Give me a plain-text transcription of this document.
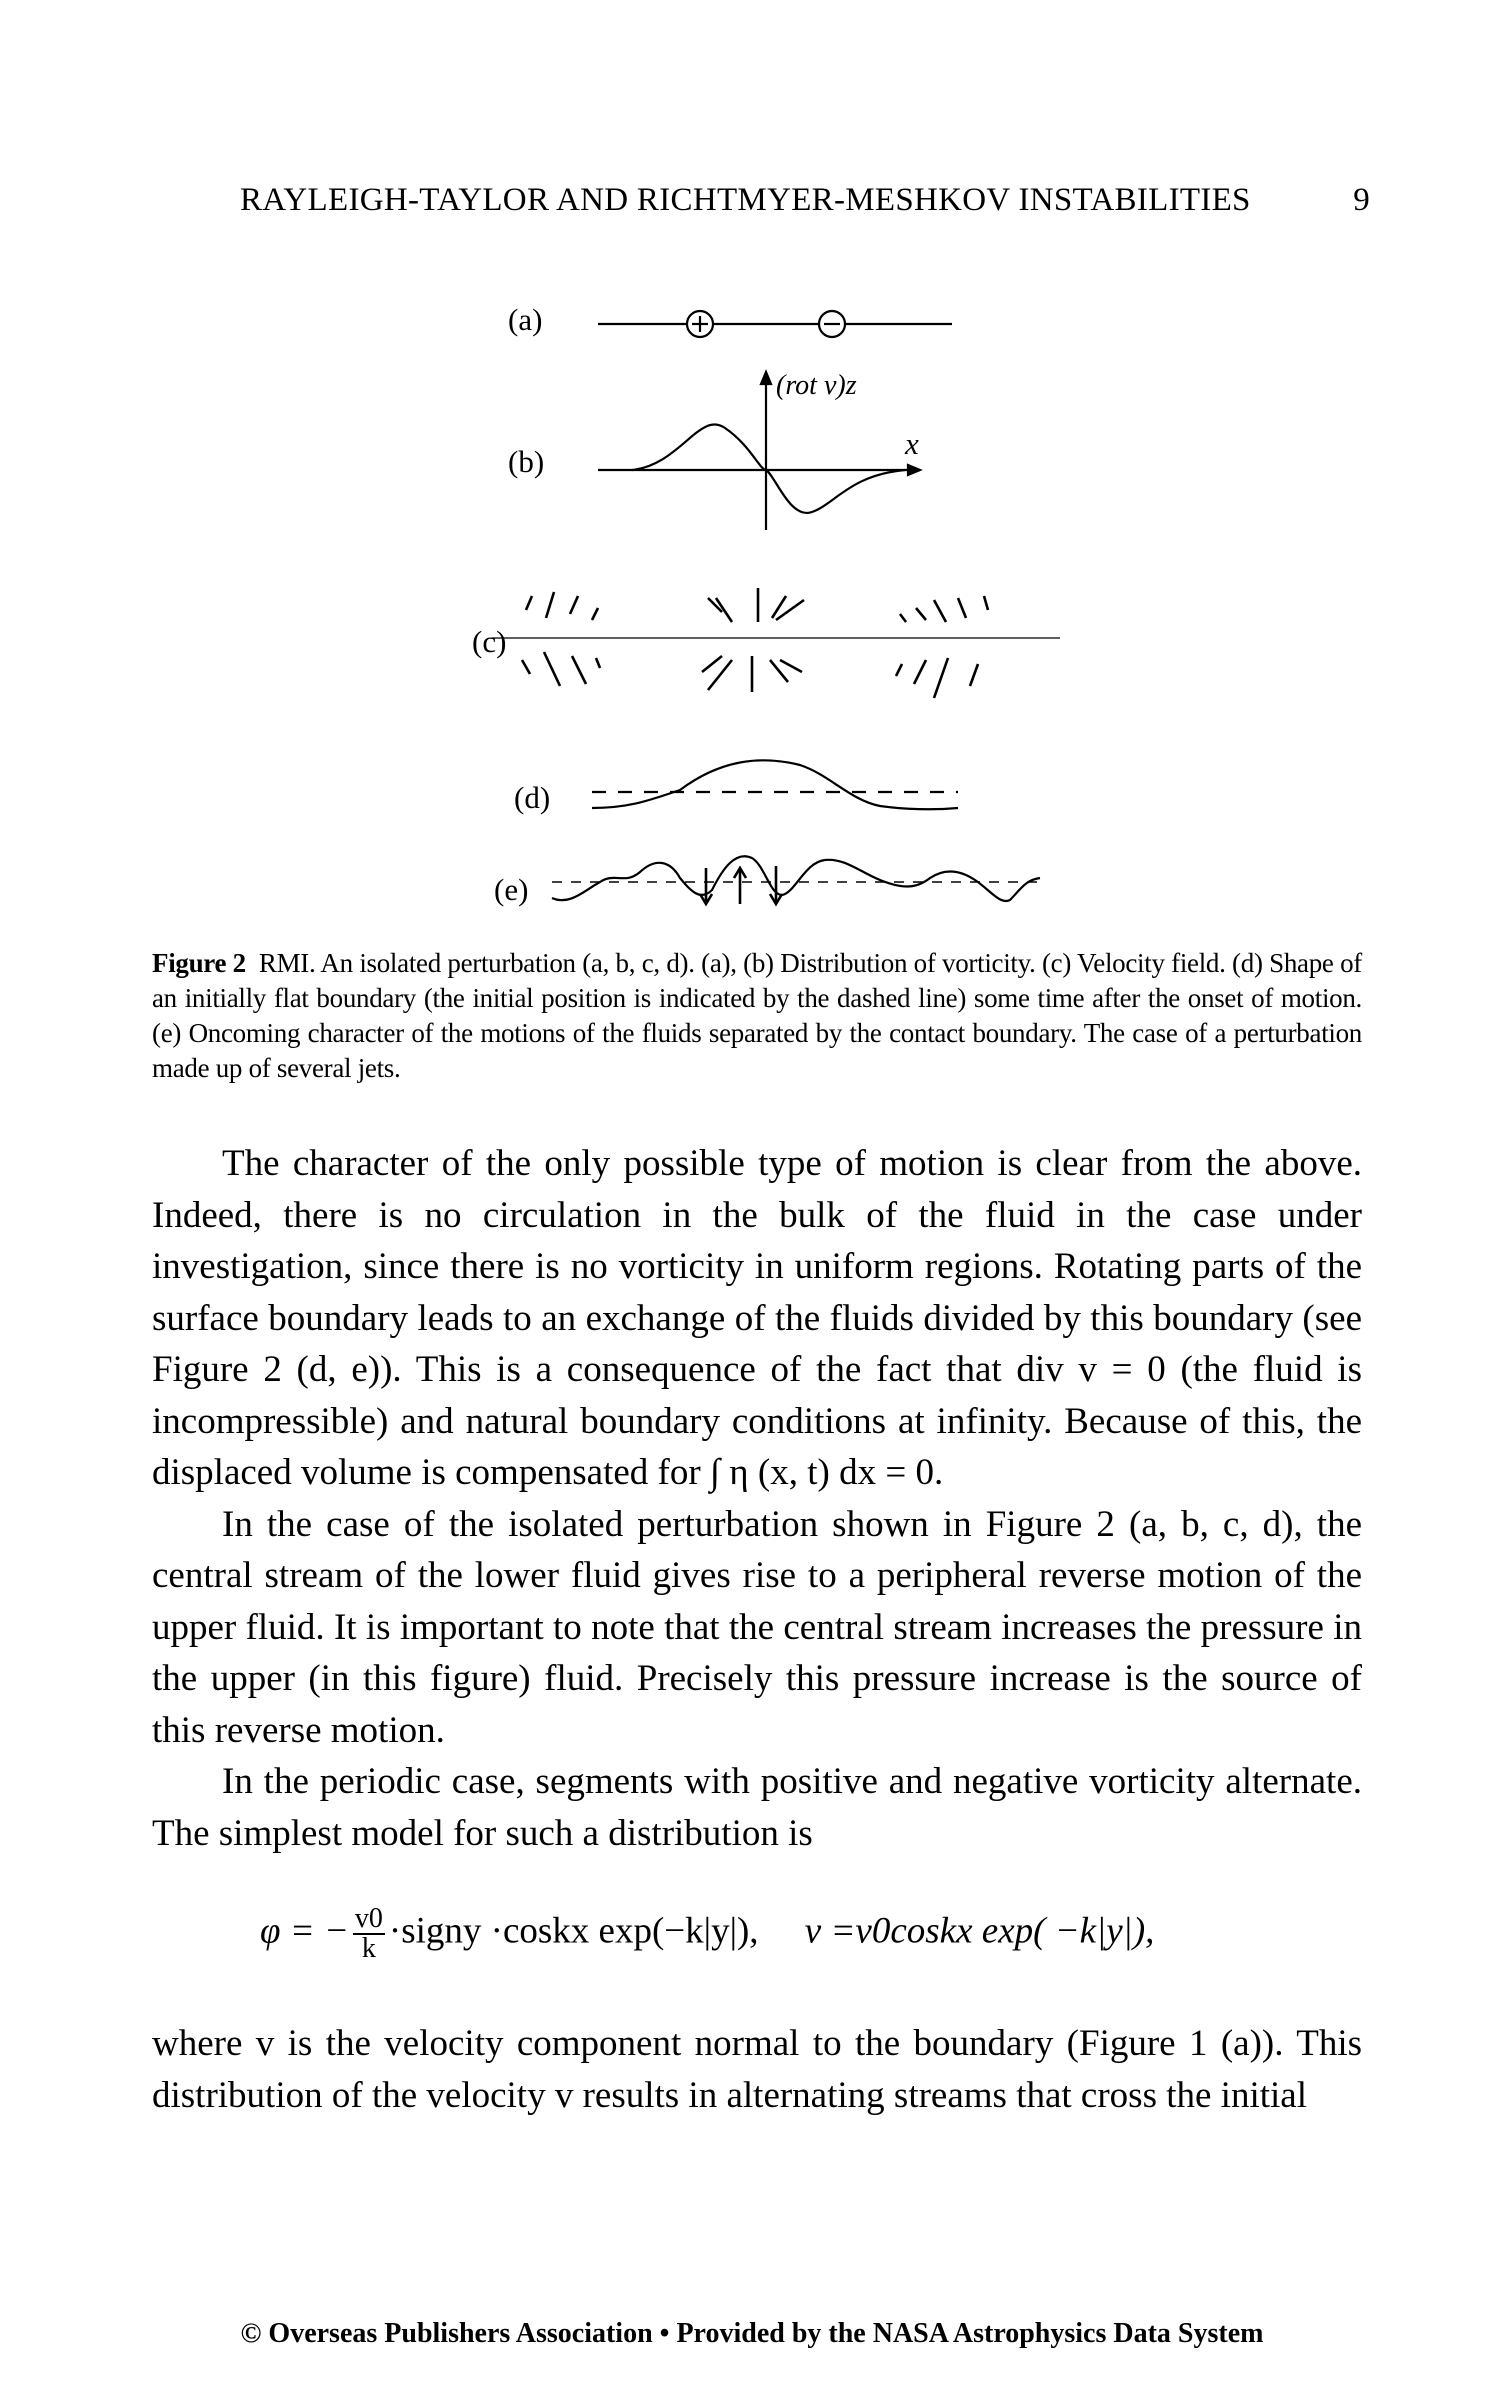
RAYLEIGH-TAYLOR AND RICHTMYER-MESHKOV INSTABILITIES	9
(a)
(b)
(c)
(d)
(e)
(rot v)z
x
Figure 2 RMI. An isolated perturbation (a, b, c, d). (a), (b) Distribution of vorticity. (c) Velocity field. (d) Shape of an initially flat boundary (the initial position is indicated by the dashed line) some time after the onset of motion. (e) Oncoming character of the motions of the fluids separated by the contact boundary. The case of a perturbation made up of several jets.

The character of the only possible type of motion is clear from the above. Indeed, there is no circulation in the bulk of the fluid in the case under investigation, since there is no vorticity in uniform regions. Rotating parts of the surface boundary leads to an exchange of the fluids divided by this boundary (see Figure 2 (d, e)). This is a consequence of the fact that div v = 0 (the fluid is incompressible) and natural boundary conditions at infinity. Because of this, the displaced volume is compensated for ∫ η (x, t) dx = 0.

In the case of the isolated perturbation shown in Figure 2 (a, b, c, d), the central stream of the lower fluid gives rise to a peripheral reverse motion of the upper fluid. It is important to note that the central stream increases the pressure in the upper (in this figure) fluid. Precisely this pressure increase is the source of this reverse motion.

In the periodic case, segments with positive and negative vorticity alternate. The simplest model for such a distribution is

φ = − $\frac{v0}{k}$ ·signy ·coskx exp(−k|y|), v =v0coskx exp( −k|y|),

where v is the velocity component normal to the boundary (Figure 1 (a)). This distribution of the velocity v results in alternating streams that cross the initial

© Overseas Publishers Association • Provided by the NASA Astrophysics Data System
